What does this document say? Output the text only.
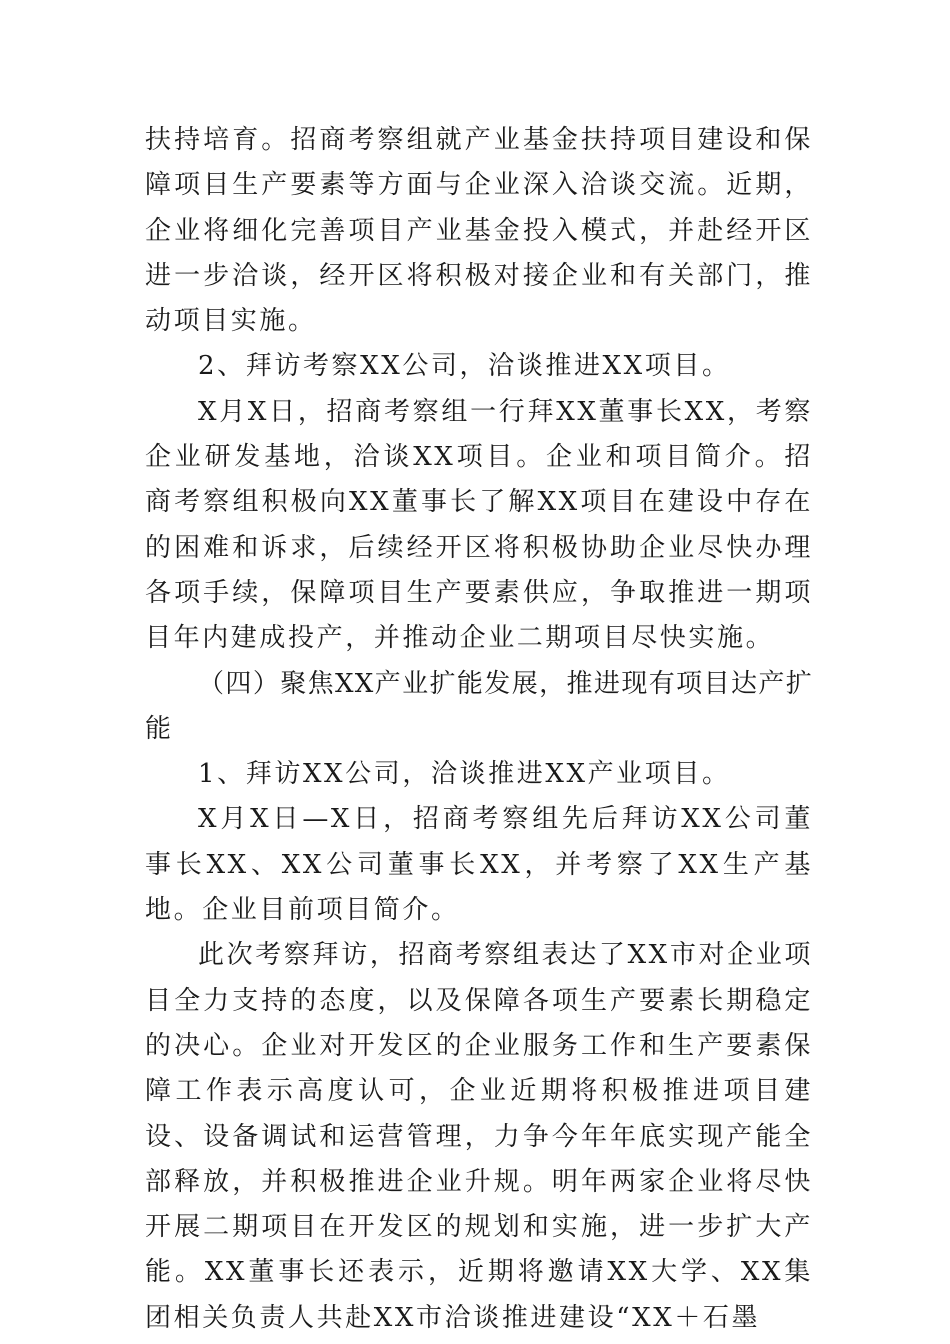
扶持培育。招商考察组就产业基金扶持项目建设和保障项目生产要素等方面与企业深入洽谈交流。近期，企业将细化完善项目产业基金投入模式，并赴经开区进一步洽谈，经开区将积极对接企业和有关部门，推动项目实施。

2、拜访考察XX公司，洽谈推进XX项目。

X月X日，招商考察组一行拜XX董事长XX，考察企业研发基地，洽谈XX项目。企业和项目简介。招商考察组积极向XX董事长了解XX项目在建设中存在的困难和诉求，后续经开区将积极协助企业尽快办理各项手续，保障项目生产要素供应，争取推进一期项目年内建成投产，并推动企业二期项目尽快实施。

（四）聚焦XX产业扩能发展，推进现有项目达产扩能

1、拜访XX公司，洽谈推进XX产业项目。

X月X日—X日，招商考察组先后拜访XX公司董事长XX、XX公司董事长XX，并考察了XX生产基地。企业目前项目简介。

此次考察拜访，招商考察组表达了XX市对企业项目全力支持的态度，以及保障各项生产要素长期稳定的决心。企业对开发区的企业服务工作和生产要素保障工作表示高度认可，企业近期将积极推进项目建设、设备调试和运营管理，力争今年年底实现产能全部释放，并积极推进企业升规。明年两家企业将尽快开展二期项目在开发区的规划和实施，进一步扩大产能。XX董事长还表示，近期将邀请XX大学、XX集团相关负责人共赴XX市洽谈推进建设“XX＋石墨
